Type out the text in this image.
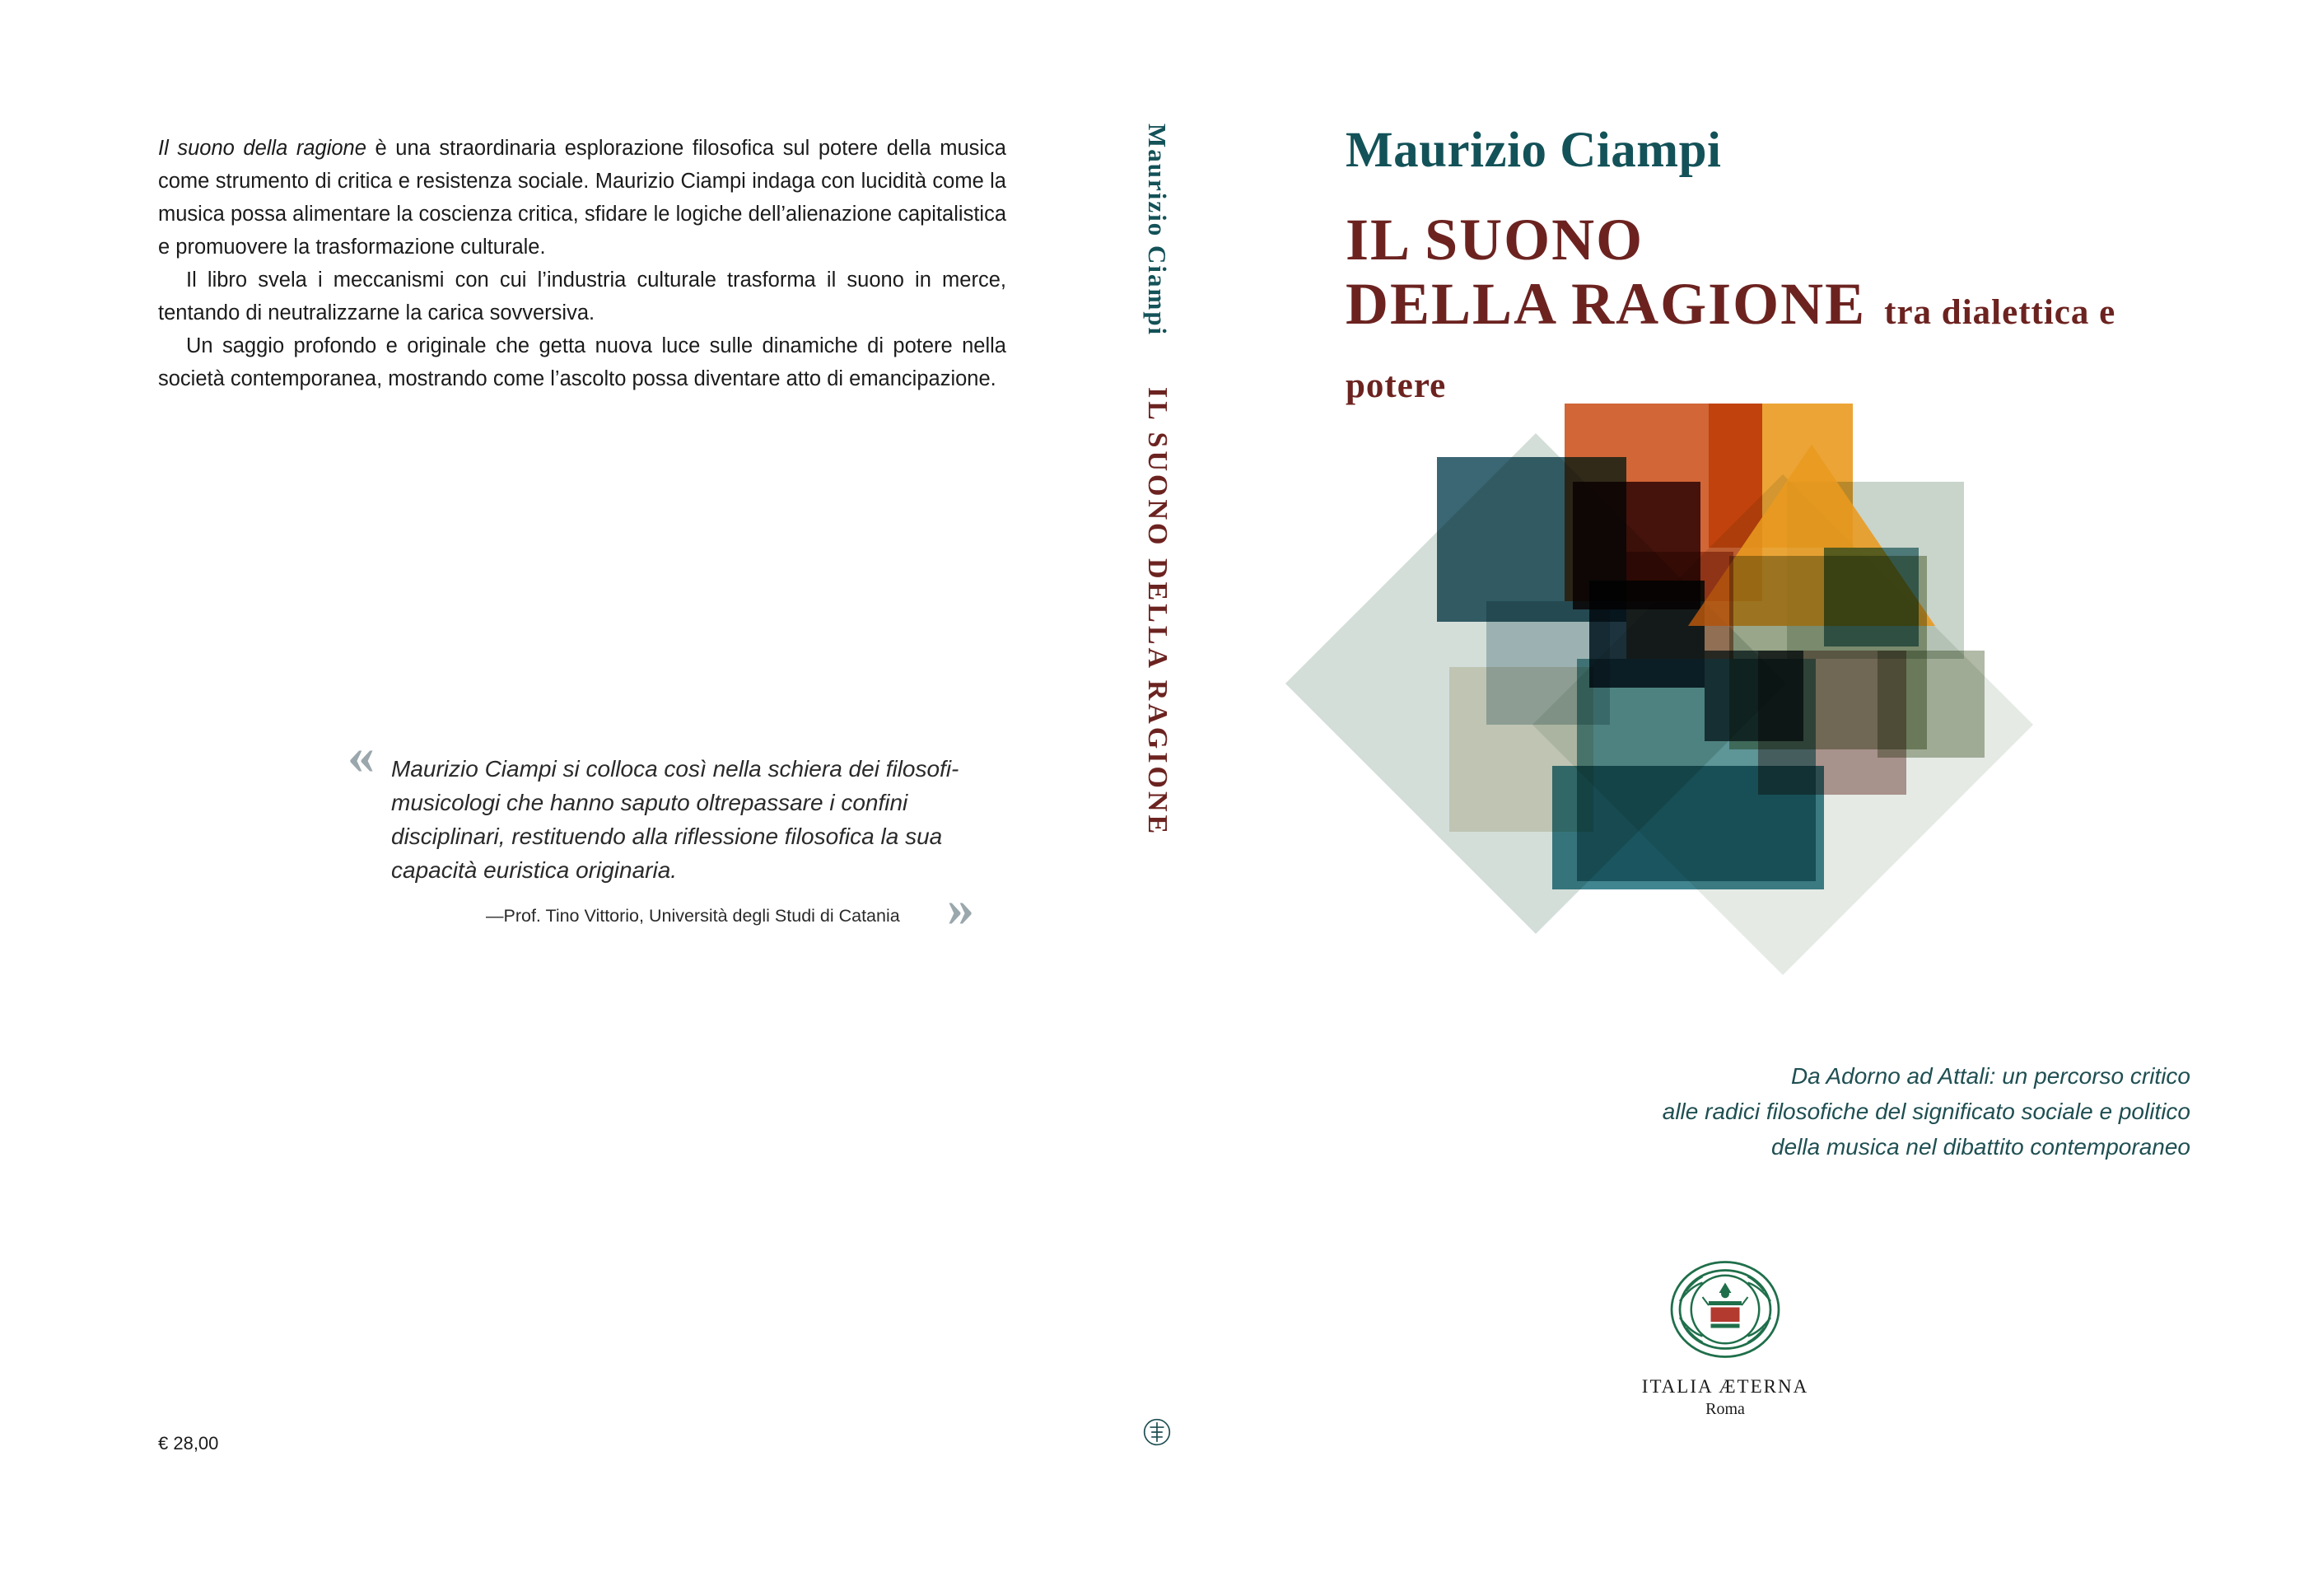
Il suono della ragione è una straordinaria esplorazione filosofica sul potere della musica come strumento di critica e resistenza sociale. Maurizio Ciampi indaga con lucidità come la musica possa alimentare la coscienza critica, sfidare le logiche dell’alienazione capitalistica e promuovere la trasformazione culturale.

Il libro svela i meccanismi con cui l’industria culturale trasforma il suono in merce, tentando di neutralizzarne la carica sovversiva.

Un saggio profondo e originale che getta nuova luce sulle dinamiche di potere nella società contemporanea, mostrando come l’ascolto possa diventare atto di emancipazione.

« Maurizio Ciampi si colloca così nella schiera dei filosofi-musicologi che hanno saputo oltrepassare i confini disciplinari, restituendo alla riflessione filosofica la sua capacità euristica originaria.
»
—Prof. Tino Vittorio, Università degli Studi di Catania
€ 28,00
Maurizio Ciampi
IL SUONO DELLA RAGIONE
Maurizio Ciampi
IL SUONO
DELLA RAGIONE tra dialettica e potere
Da Adorno ad Attali: un percorso critico
alle radici filosofiche del significato sociale e politico
della musica nel dibattito contemporaneo
ITALIA ÆTERNA
Roma
